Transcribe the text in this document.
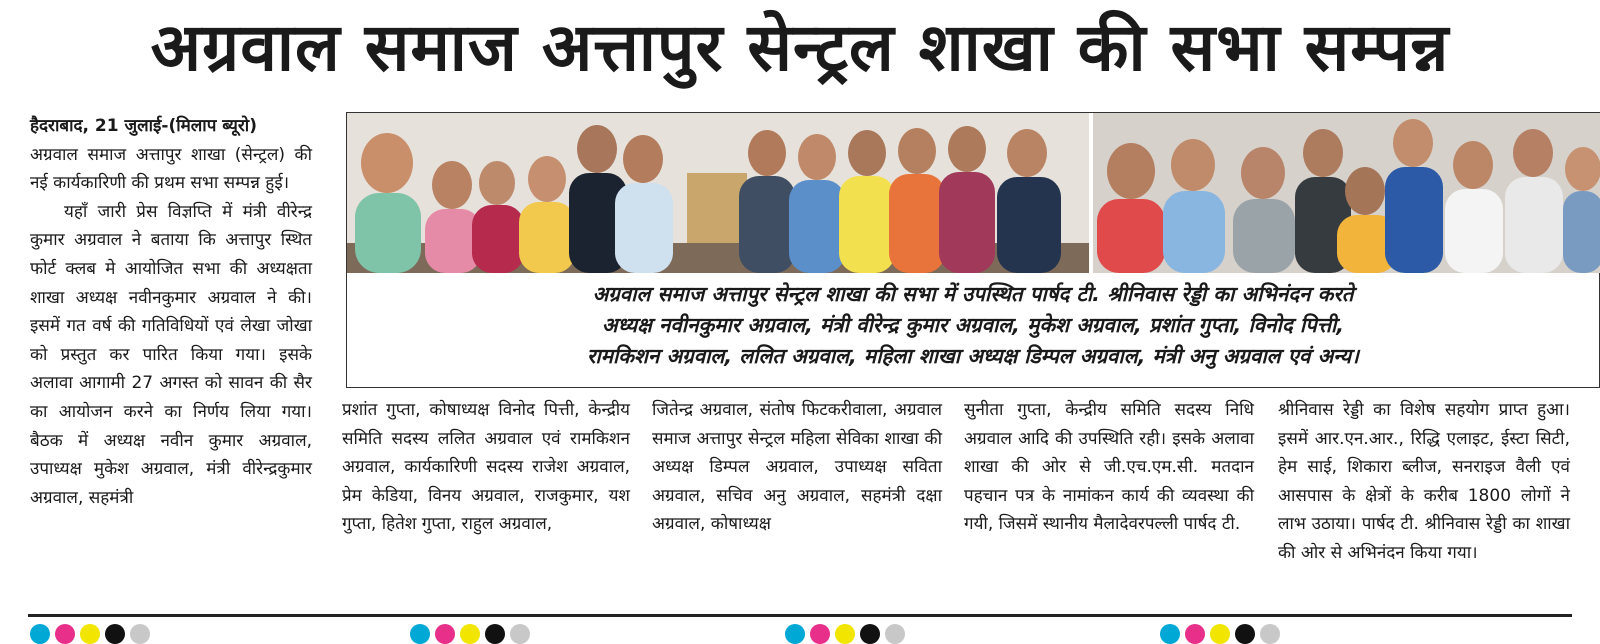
अग्रवाल समाज अत्तापुर सेन्ट्रल शाखा की सभा सम्पन्न

हैदराबाद, 21 जुलाई-(मिलाप ब्यूरो)

अग्रवाल समाज अत्तापुर शाखा (सेन्ट्रल) की नई कार्यकारिणी की प्रथम सभा सम्पन्न हुई।

यहाँ जारी प्रेस विज्ञप्ति में मंत्री वीरेन्द्र कुमार अग्रवाल ने बताया कि अत्तापुर स्थित फोर्ट क्लब मे आयोजित सभा की अध्यक्षता शाखा अध्यक्ष नवीनकुमार अग्रवाल ने की। इसमें गत वर्ष की गतिविधियों एवं लेखा जोखा को प्रस्तुत कर पारित किया गया। इसके अलावा आगामी 27 अगस्त को सावन की सैर का आयोजन करने का निर्णय लिया गया। बैठक में अध्यक्ष नवीन कुमार अग्रवाल, उपाध्यक्ष मुकेश अग्रवाल, मंत्री वीरेन्द्रकुमार अग्रवाल, सहमंत्री

अग्रवाल समाज अत्तापुर सेन्ट्रल शाखा की सभा में उपस्थित पार्षद टी. श्रीनिवास रेड्डी का अभिनंदन करते

अध्यक्ष नवीनकुमार अग्रवाल, मंत्री वीरेन्द्र कुमार अग्रवाल, मुकेश अग्रवाल, प्रशांत गुप्ता, विनोद पित्ती,

रामकिशन अग्रवाल, ललित अग्रवाल, महिला शाखा अध्यक्ष डिम्पल अग्रवाल, मंत्री अनु अग्रवाल एवं अन्य।

प्रशांत गुप्ता, कोषाध्यक्ष विनोद पित्ती, केन्द्रीय समिति सदस्य ललित अग्रवाल एवं रामकिशन अग्रवाल, कार्यकारिणी सदस्य राजेश अग्रवाल, प्रेम केडिया, विनय अग्रवाल, राजकुमार, यश गुप्ता, हितेश गुप्ता, राहुल अग्रवाल,

जितेन्द्र अग्रवाल, संतोष फिटकरीवाला, अग्रवाल समाज अत्तापुर सेन्ट्रल महिला सेविका शाखा की अध्यक्ष डिम्पल अग्रवाल, उपाध्यक्ष सविता अग्रवाल, सचिव अनु अग्रवाल, सहमंत्री दक्षा अग्रवाल, कोषाध्यक्ष

सुनीता गुप्ता, केन्द्रीय समिति सदस्य निधि अग्रवाल आदि की उपस्थिति रही। इसके अलावा शाखा की ओर से जी.एच.एम.सी. मतदान पहचान पत्र के नामांकन कार्य की व्यवस्था की गयी, जिसमें स्थानीय मैलादेवरपल्ली पार्षद टी.

श्रीनिवास रेड्डी का विशेष सहयोग प्राप्त हुआ। इसमें आर.एन.आर., रिद्धि एलाइट, ईस्टा सिटी, हेम साई, शिकारा ब्लीज, सनराइज वैली एवं आसपास के क्षेत्रों के करीब 1800 लोगों ने लाभ उठाया। पार्षद टी. श्रीनिवास रेड्डी का शाखा की ओर से अभिनंदन किया गया।
